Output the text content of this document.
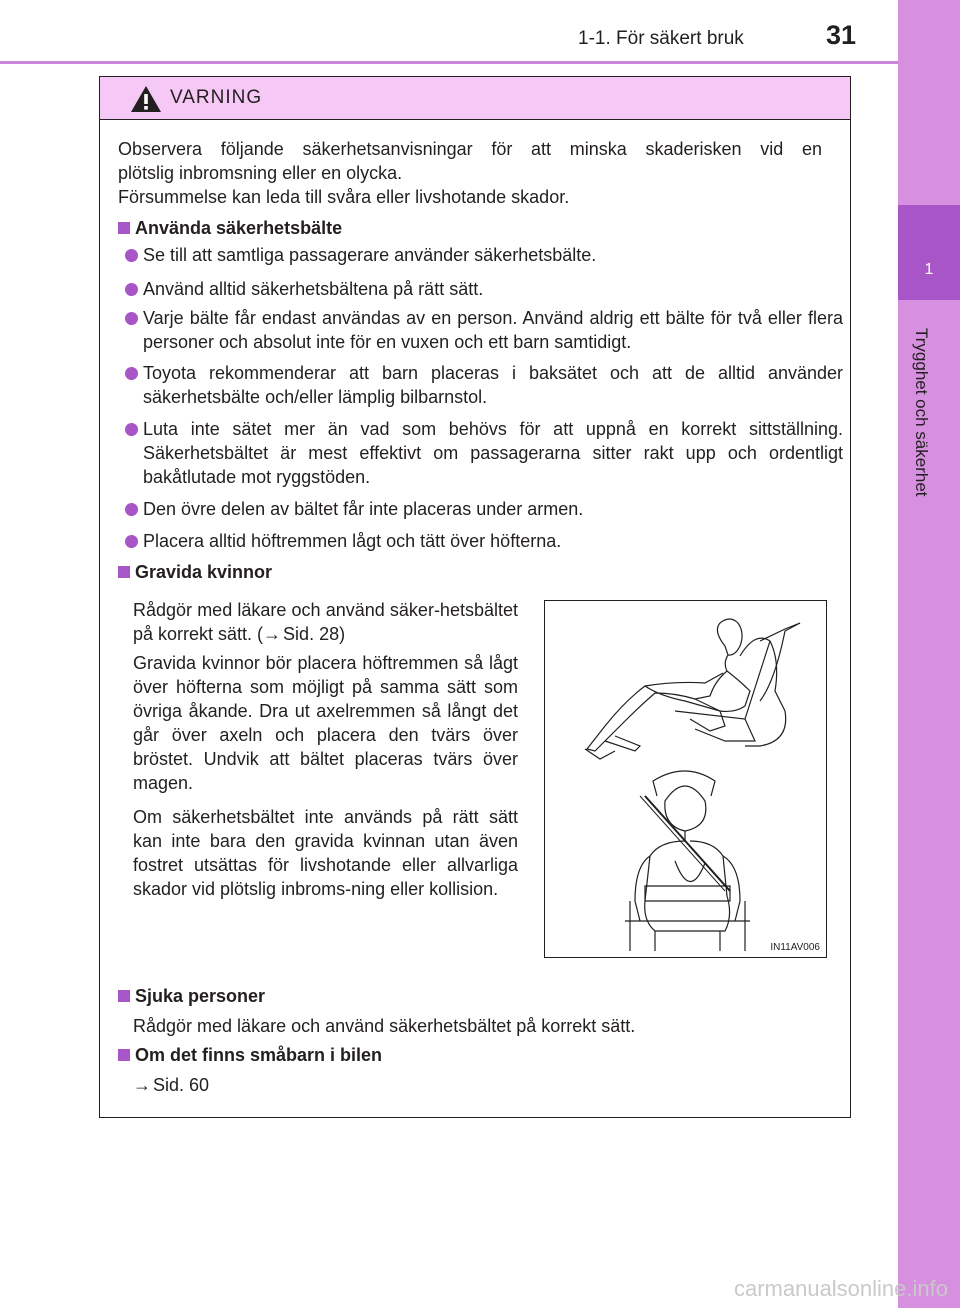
1-1. För säkert bruk	31
1
Trygghet och säkerhet
VARNING
Observera följande säkerhetsanvisningar för att minska skaderisken vid en
plötslig inbromsning eller en olycka.
Försummelse kan leda till svåra eller livshotande skador.
Använda säkerhetsbälte
Se till att samtliga passagerare använder säkerhetsbälte.
Använd alltid säkerhetsbältena på rätt sätt.
Varje bälte får endast användas av en person. Använd aldrig ett bälte för två eller flera personer och absolut inte för en vuxen och ett barn samtidigt.
Toyota rekommenderar att barn placeras i baksätet och att de alltid använder säkerhetsbälte och/eller lämplig bilbarnstol.
Luta inte sätet mer än vad som behövs för att uppnå en korrekt sittställning. Säkerhetsbältet är mest effektivt om passagerarna sitter rakt upp och ordentligt bakåtlutade mot ryggstöden.
Den övre delen av bältet får inte placeras under armen.
Placera alltid höftremmen lågt och tätt över höfterna.
Gravida kvinnor
Rådgör med läkare och använd säker-hetsbältet på korrekt sätt. (→ Sid. 28)
Gravida kvinnor bör placera höftremmen så lågt över höfterna som möjligt på samma sätt som övriga åkande. Dra ut axelremmen så långt det går över axeln och placera den tvärs över bröstet. Undvik att bältet placeras tvärs över magen.
Om säkerhetsbältet inte används på rätt sätt kan inte bara den gravida kvinnan utan även fostret utsättas för livshotande eller allvarliga skador vid plötslig inbroms-ning eller kollision.
IN11AV006
Sjuka personer
Rådgör med läkare och använd säkerhetsbältet på korrekt sätt.
Om det finns småbarn i bilen
→ Sid. 60
carmanualsonline.info
